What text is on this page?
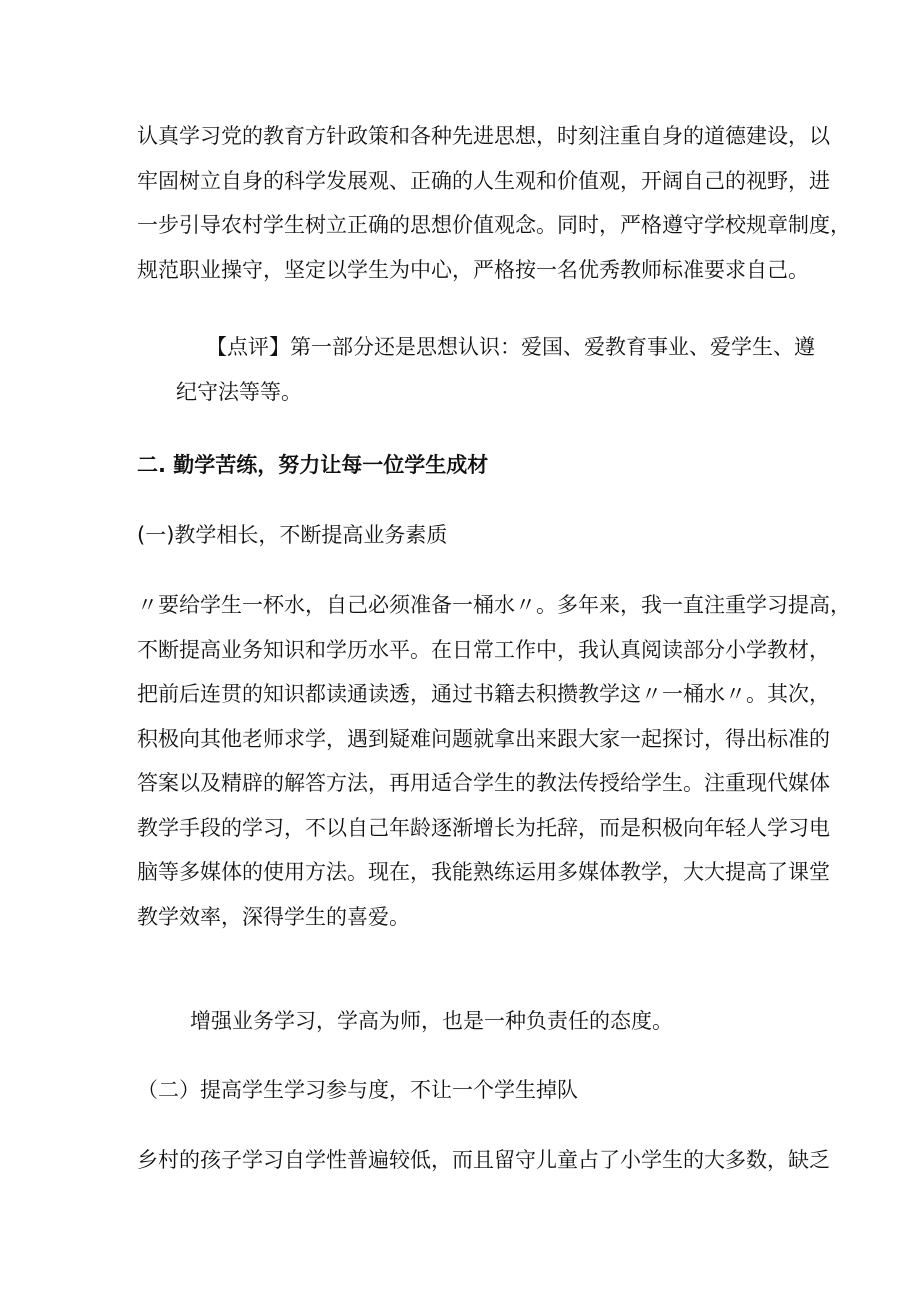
认真学习党的教育方针政策和各种先进思想，时刻注重自身的道德建设，以
牢固树立自身的科学发展观、正确的人生观和价值观，开阔自己的视野，进
一步引导农村学生树立正确的思想价值观念。同时，严格遵守学校规章制度，
规范职业操守，坚定以学生为中心，严格按一名优秀教师标准要求自己。
【点评】第一部分还是思想认识：爱国、爱教育事业、爱学生、遵
纪守法等等。
二. 勤学苦练，努力让每一位学生成材
(一)教学相长，不断提高业务素质
〃要给学生一杯水，自己必须准备一桶水〃。多年来，我一直注重学习提高，
不断提高业务知识和学历水平。在日常工作中，我认真阅读部分小学教材，
把前后连贯的知识都读通读透，通过书籍去积攒教学这〃一桶水〃。其次，
积极向其他老师求学，遇到疑难问题就拿出来跟大家一起探讨，得出标准的
答案以及精辟的解答方法，再用适合学生的教法传授给学生。注重现代媒体
教学手段的学习，不以自己年龄逐渐增长为托辞，而是积极向年轻人学习电
脑等多媒体的使用方法。现在，我能熟练运用多媒体教学，大大提高了课堂
教学效率，深得学生的喜爱。
增强业务学习，学高为师，也是一种负责任的态度。
（二）提高学生学习参与度，不让一个学生掉队
乡村的孩子学习自学性普遍较低，而且留守儿童占了小学生的大多数，缺乏
